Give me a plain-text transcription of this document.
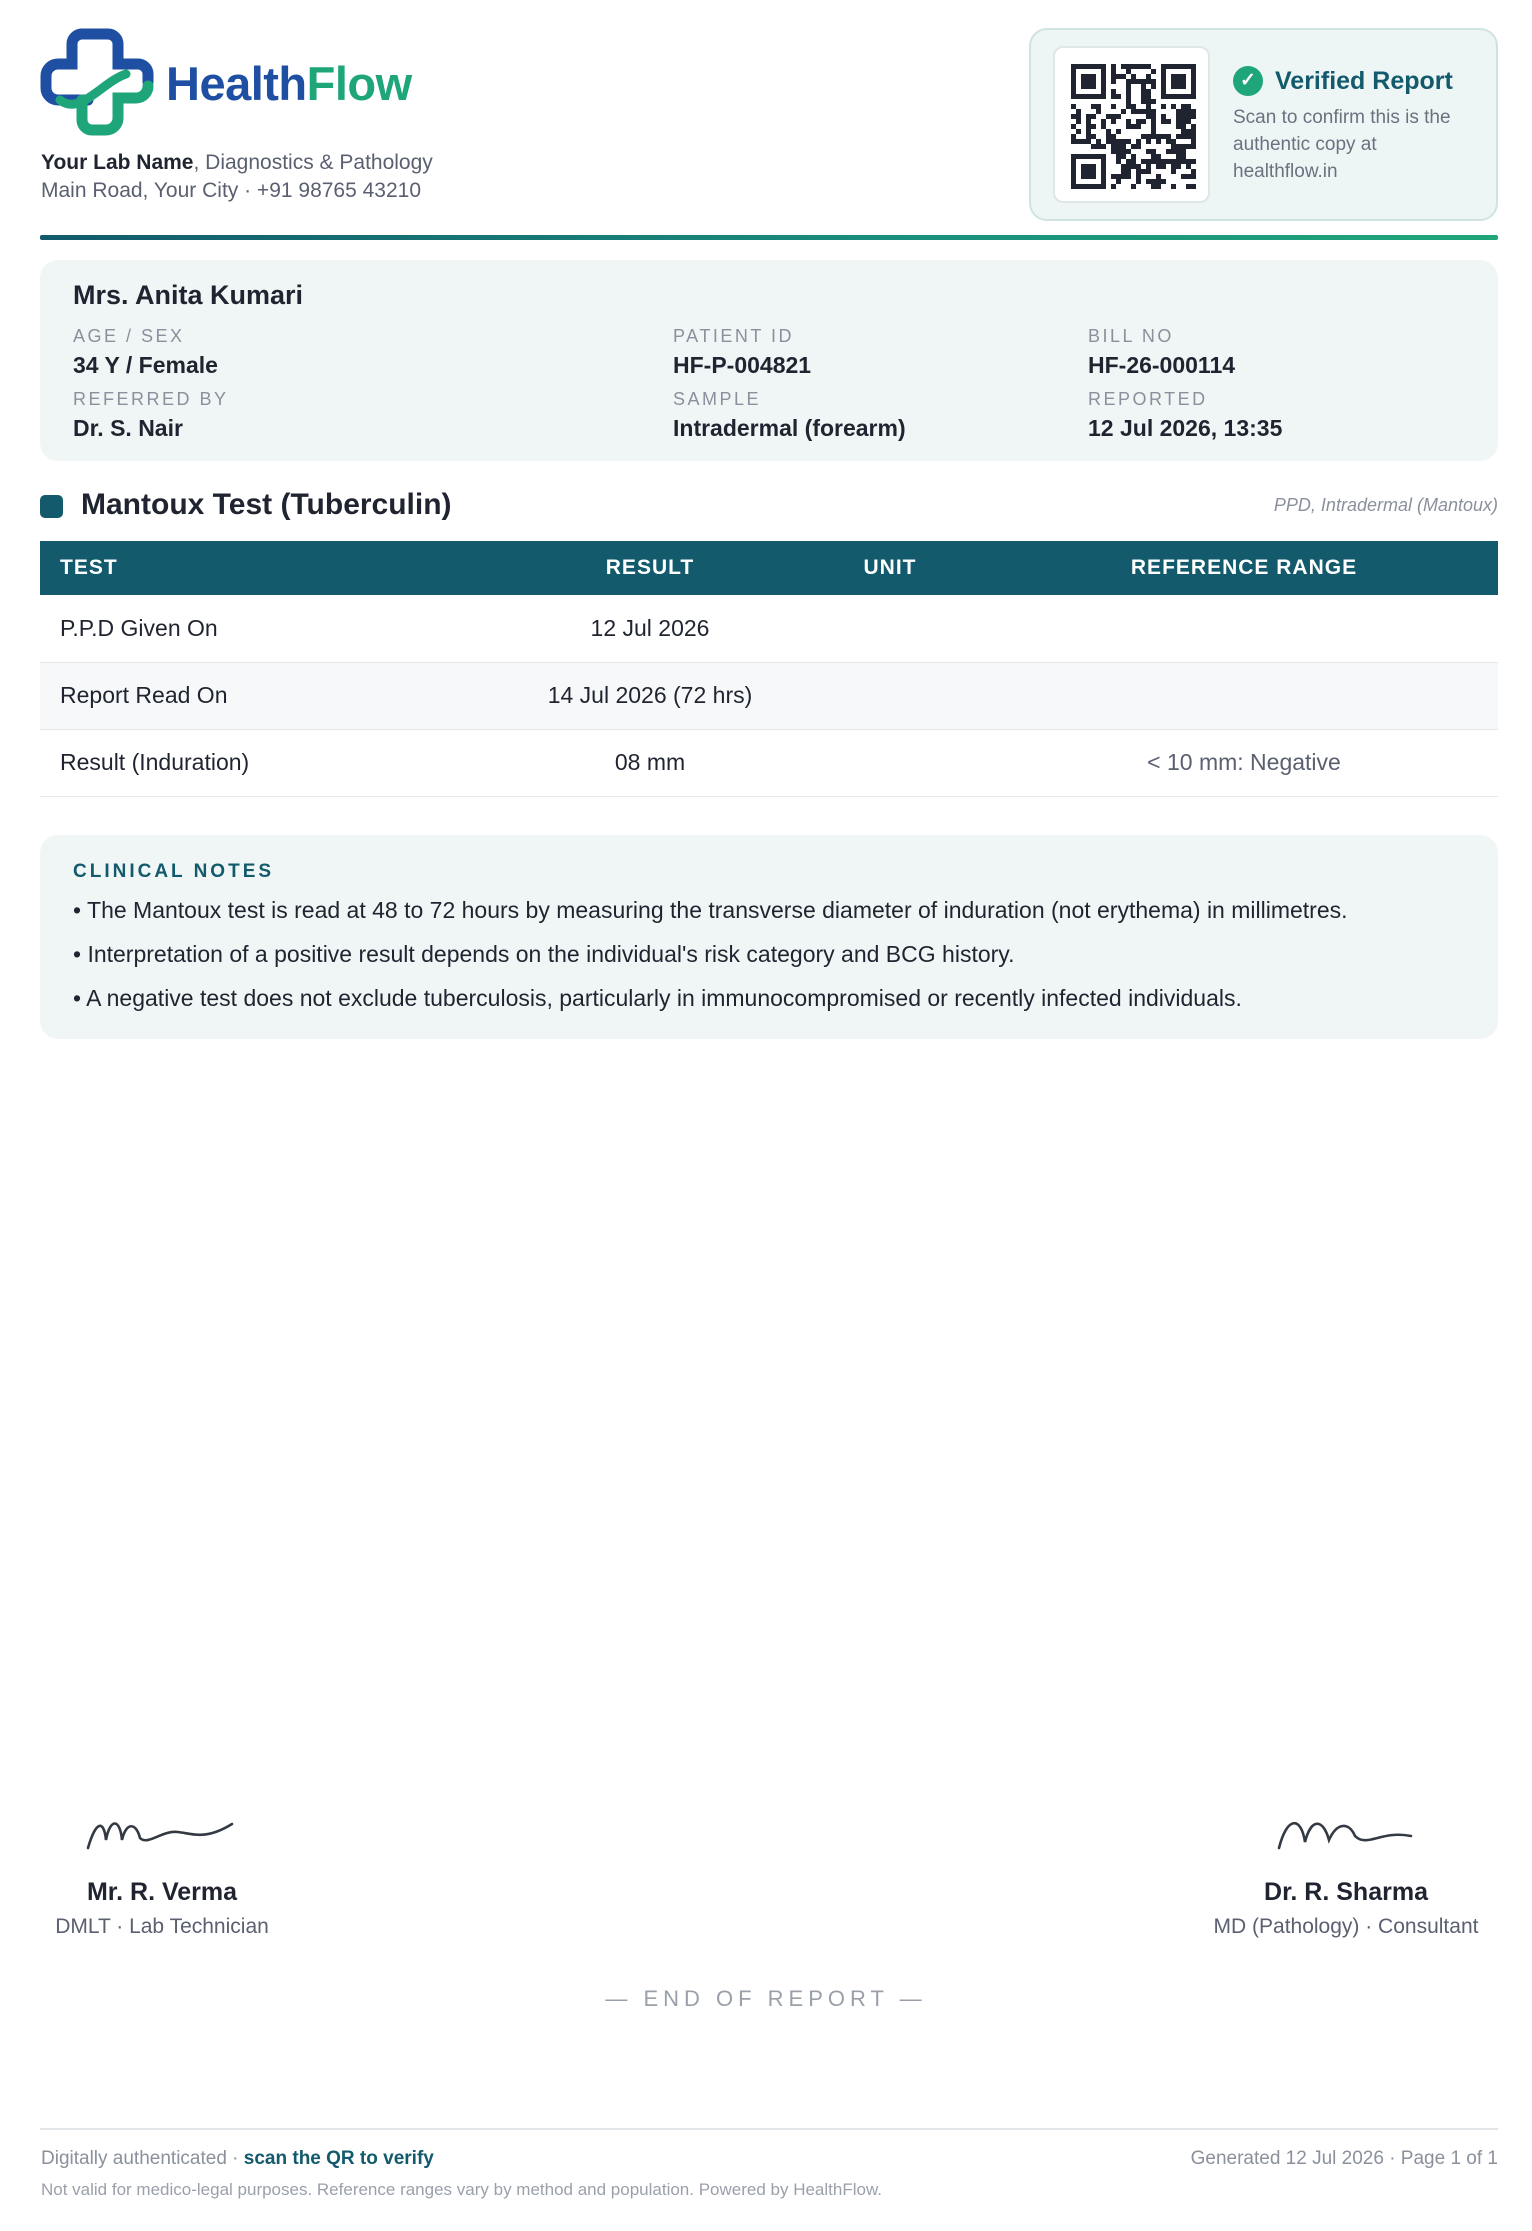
HealthFlow
Your Lab Name, Diagnostics & Pathology
Main Road, Your City · +91 98765 43210
✓ Verified Report
Scan to confirm this is the authentic copy at healthflow.in
Mrs. Anita Kumari
AGE / SEX
34 Y / Female
PATIENT ID
HF-P-004821
BILL NO
HF-26-000114
REFERRED BY
Dr. S. Nair
SAMPLE
Intradermal (forearm)
REPORTED
12 Jul 2026, 13:35
Mantoux Test (Tuberculin)	PPD, Intradermal (Mantoux)
TEST	RESULT	UNIT	REFERENCE RANGE
P.P.D Given On	12 Jul 2026		
Report Read On	14 Jul 2026 (72 hrs)		
Result (Induration)	08 mm		< 10 mm: Negative
CLINICAL NOTES
• The Mantoux test is read at 48 to 72 hours by measuring the transverse diameter of induration (not erythema) in millimetres.
• Interpretation of a positive result depends on the individual's risk category and BCG history.
• A negative test does not exclude tuberculosis, particularly in immunocompromised or recently infected individuals.
Mr. R. Verma
DMLT · Lab Technician
Dr. R. Sharma
MD (Pathology) · Consultant
— END OF REPORT —
Digitally authenticated · scan the QR to verify
Not valid for medico-legal purposes. Reference ranges vary by method and population. Powered by HealthFlow.
Generated 12 Jul 2026 · Page 1 of 1
